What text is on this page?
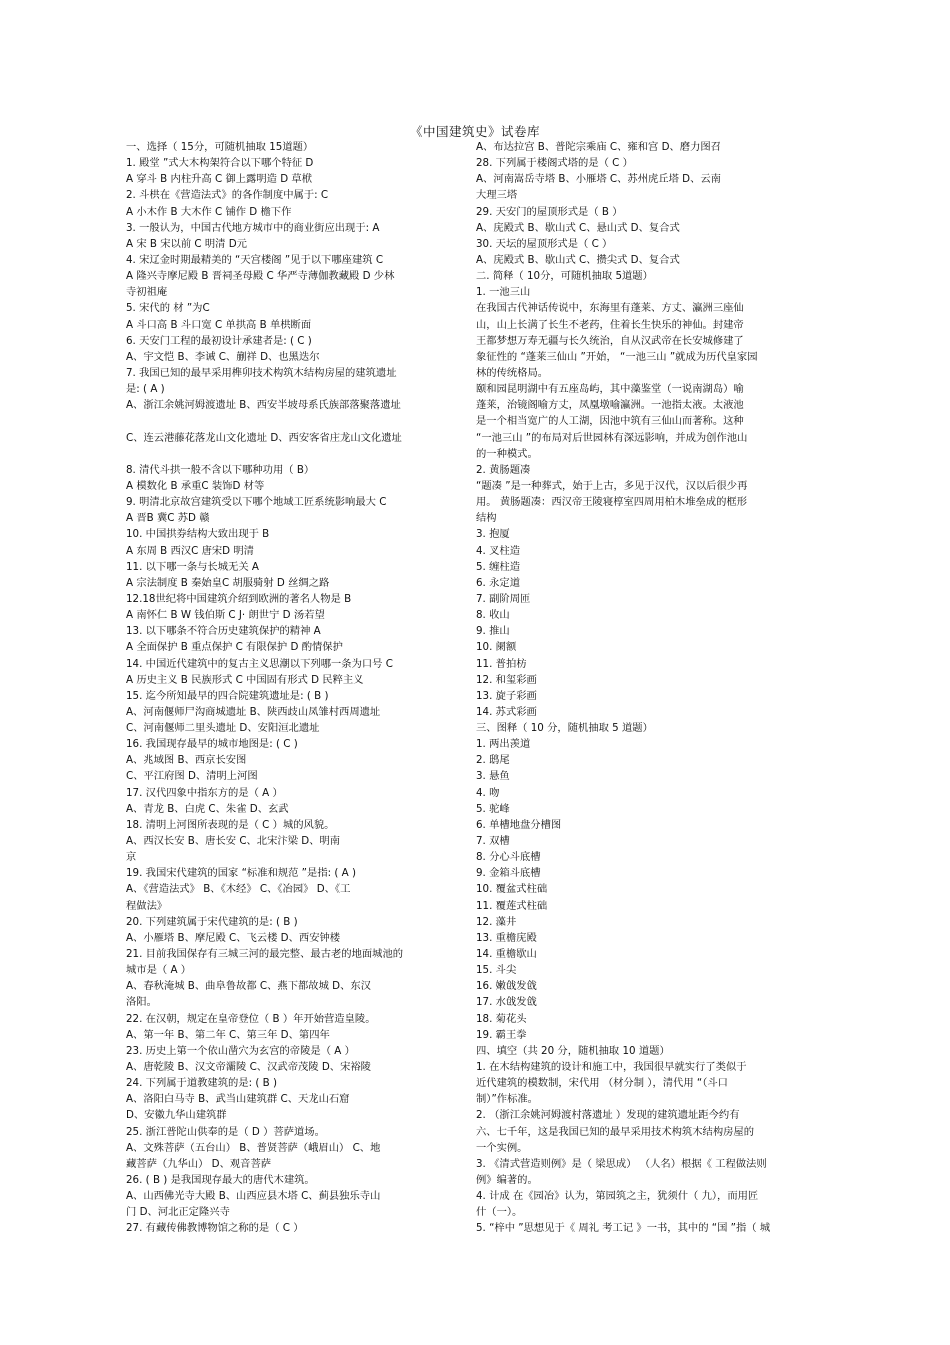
《中国建筑史》试卷库
一、选择（ 15分，可随机抽取 15道题）
1. 殿堂 ”式大木构架符合以下哪个特征 D
A 穿斗 B 内柱升高 C 御上露明造 D 草栿
2. 斗栱在《营造法式》的各作制度中属于: C
A 小木作 B 大木作 C 铺作 D 檐下作
3. 一般认为，中国古代地方城市中的商业街应出现于: A
A 宋 B 宋以前 C 明清 D元
4. 宋辽金时期最精美的 “天宫楼阁 ”见于以下哪座建筑 C
A 隆兴寺摩尼殿 B 晋祠圣母殿 C 华严寺薄伽教藏殿 D 少林
寺初祖庵
5. 宋代的 材 ”为C
A 斗口高 B 斗口宽 C 单拱高 B 单栱断面
6. 天安门工程的最初设计承建者是: ( C )
A、宇文恺 B、李诫 C、蒯祥 D、也黑迭尔
7. 我国已知的最早采用榫卯技术构筑木结构房屋的建筑遗址
是: ( A )
A、浙江余姚河姆渡遗址 B、西安半坡母系氏族部落聚落遗址
C、连云港藤花落龙山文化遗址 D、西安客省庄龙山文化遗址
8. 清代斗拱一般不含以下哪种功用（ B）
A 模数化 B 承重C 装饰D 材等
9. 明清北京故宫建筑受以下哪个地域工匠系统影响最大 C
A 晋B 冀C 苏D 赣
10. 中国拱券结构大致出现于 B
A 东周 B 西汉C 唐宋D 明清
11. 以下哪一条与长城无关 A
A 宗法制度 B 秦始皇C 胡服骑射 D 丝绸之路
12.18世纪将中国建筑介绍到欧洲的著名人物是 B
A 南怀仁 B W 钱伯斯 C J· 朗世宁 D 汤若望
13. 以下哪条不符合历史建筑保护的精神 A
A 全面保护 B 重点保护 C 有限保护 D 酌情保护
14. 中国近代建筑中的复古主义思潮以下列哪一条为口号 C
A 历史主义 B 民族形式 C 中国固有形式 D 民粹主义
15. 迄今所知最早的四合院建筑遗址是: ( B )
A、河南偃师尸沟商城遗址 B、陕西歧山凤雏村西周遗址
C、河南偃师二里头遗址 D、安阳洹北遗址
16. 我国现存最早的城市地图是: ( C )
A、兆域图 B、西京长安图
C、平江府图 D、清明上河图
17. 汉代四象中指东方的是（ A ）
A、青龙 B、白虎 C、朱雀 D、玄武
18. 清明上河图所表现的是（ C ）城的风貌。
A、西汉长安 B、唐长安 C、北宋汴梁 D、明南
京
19. 我国宋代建筑的国家 “标准和规范 ”是指: ( A )
A、《营造法式》 B、《木经》 C、《冶园》 D、《工
程做法》
20. 下列建筑属于宋代建筑的是: ( B )
A、小雁塔 B、摩尼殿 C、飞云楼 D、西安钟楼
21. 目前我国保存有三城三河的最完整、最古老的地面城池的
城市是（ A ）
A、春秋淹城 B、曲阜鲁故都 C、燕下都故城 D、东汉
洛阳。
22. 在汉朝，规定在皇帝登位（ B ）年开始营造皇陵。
A、第一年 B、第二年 C、第三年 D、第四年
23. 历史上第一个依山凿穴为玄宫的帝陵是（ A ）
A、唐乾陵 B、汉文帝灞陵 C、汉武帝茂陵 D、宋裕陵
24. 下列属于道教建筑的是: ( B )
A、洛阳白马寺 B、武当山建筑群 C、天龙山石窟
D、安徽九华山建筑群
25. 浙江普陀山供奉的是（ D ）菩萨道场。
A、文殊菩萨（五台山） B、普贤菩萨（峨眉山） C、地
藏菩萨（九华山） D、观音菩萨
26. ( B ) 是我国现存最大的唐代木建筑。
A、山西佛光寺大殿 B、山西应县木塔 C、蓟县独乐寺山
门 D、河北正定隆兴寺
27. 有藏传佛教博物馆之称的是（ C ）
A、布达拉宫 B、普陀宗乘庙 C、雍和宫 D、磨力图召
28. 下列属于楼阁式塔的是（ C ）
A、河南嵩岳寺塔 B、小雁塔 C、苏州虎丘塔 D、云南
大理三塔
29. 天安门的屋顶形式是（ B ）
A、庑殿式 B、歇山式 C、悬山式 D、复合式
30. 天坛的屋顶形式是（ C ）
A、庑殿式 B、歇山式 C、攒尖式 D、复合式
二. 简释（ 10分，可随机抽取 5道题）
1. 一池三山
在我国古代神话传说中，东海里有蓬莱、方丈、瀛洲三座仙
山，山上长满了长生不老药，住着长生快乐的神仙。封建帝
王都梦想万寿无疆与长久统治，自从汉武帝在长安城修建了
象征性的 “蓬莱三仙山 ”开始， “一池三山 ”就成为历代皇家园
林的传统格局。
颐和园昆明湖中有五座岛屿，其中藻鉴堂（一说南湖岛）喻
蓬莱，治镜阁喻方丈，凤凰墩喻瀛洲。一池指太液。太液池
是一个相当宽广的人工湖，因池中筑有三仙山而著称。这种
“一池三山 ”的布局对后世园林有深远影响，并成为创作池山
的一种模式。
2. 黄肠题凑
“题凑 ”是一种葬式，始于上古，多见于汉代，汉以后很少再
用。 黄肠题凑：西汉帝王陵寝椁室四周用柏木堆垒成的框形
结构
3. 抱厦
4. 叉柱造
5. 缠柱造
6. 永定道
7. 副阶周匝
8. 收山
9. 推山
10. 阑额
11. 普拍枋
12. 和玺彩画
13. 旋子彩画
14. 苏式彩画
三、图释（ 10 分，随机抽取 5 道题）
1. 两出羡道
2. 鸱尾
3. 悬鱼
4. 吻
5. 驼峰
6. 单槽地盘分槽图
7. 双槽
8. 分心斗底槽
9. 金箱斗底槽
10. 覆盆式柱础
11. 覆莲式柱础
12. 藻井
13. 重檐庑殿
14. 重檐歇山
15. 斗尖
16. 嫩戗发戗
17. 水戗发戗
18. 菊花头
19. 霸王拳
四、填空（共 20 分，随机抽取 10 道题）
1. 在木结构建筑的设计和施工中，我国很早就实行了类似于
近代建筑的模数制，宋代用 （材分制 ），清代用 “（斗口
制）”作标准。
2. （浙江余姚河姆渡村落遗址 ）发现的建筑遗址距今约有
六、七千年，这是我国已知的最早采用技术构筑木结构房屋的
一个实例。
3. 《清式营造则例》是（ 梁思成） （人名）根据《 工程做法则
例》编著的。
4. 计成 在《园冶》认为，第园筑之主，犹须什（ 九），而用匠
什（一）。
5. “梓中 ”思想见于《 周礼 考工记 》一书，其中的 “国 ”指（ 城
